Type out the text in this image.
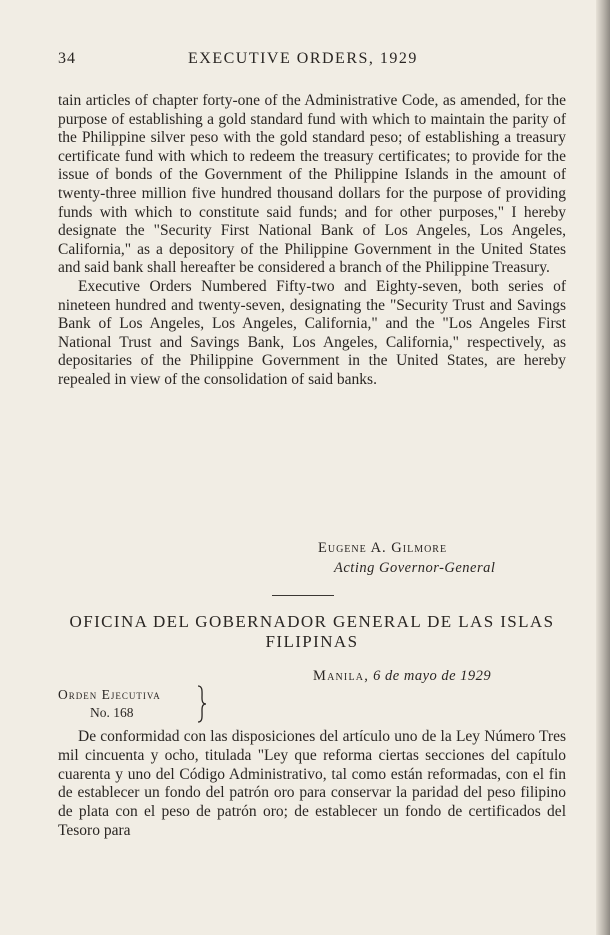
34	EXECUTIVE ORDERS, 1929

tain articles of chapter forty-one of the Administrative Code, as amended, for the purpose of establishing a gold standard fund with which to maintain the parity of the Philippine silver peso with the gold standard peso; of establishing a treasury certificate fund with which to redeem the treasury certificates; to provide for the issue of bonds of the Government of the Philippine Islands in the amount of twenty-three million five hundred thousand dollars for the purpose of providing funds with which to constitute said funds; and for other purposes," I hereby designate the "Security First National Bank of Los Angeles, Los Angeles, California," as a depository of the Philippine Government in the United States and said bank shall hereafter be considered a branch of the Philippine Treasury.

Executive Orders Numbered Fifty-two and Eighty-seven, both series of nineteen hundred and twenty-seven, designating the "Security Trust and Savings Bank of Los Angeles, Los Angeles, California," and the "Los Angeles First National Trust and Savings Bank, Los Angeles, California," respectively, as depositaries of the Philippine Government in the United States, are hereby repealed in view of the consolidation of said banks.

Eugene A. Gilmore
Acting Governor-General
OFICINA DEL GOBERNADOR GENERAL DE LAS ISLAS FILIPINAS
Manila, 6 de mayo de 1929
Orden Ejecutiva
No. 168

De conformidad con las disposiciones del artículo uno de la Ley Número Tres mil cincuenta y ocho, titulada "Ley que reforma ciertas secciones del capítulo cuarenta y uno del Código Administrativo, tal como están reformadas, con el fin de establecer un fondo del patrón oro para conservar la paridad del peso filipino de plata con el peso de patrón oro; de establecer un fondo de certificados del Tesoro para
